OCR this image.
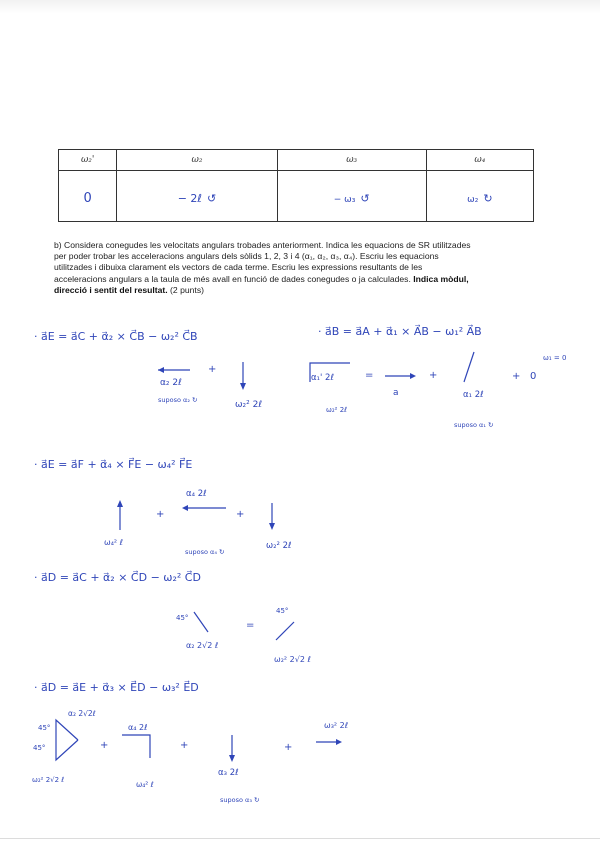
ω₂'	ω₂	ω₃	ω₄
0	− 2ℓ ↺	− ω₃ ↺	ω₂ ↻
b) Considera conegudes les velocitats angulars trobades anteriorment. Indica les equacions de SR utilitzades
per poder trobar les acceleracions angulars dels sòlids 1, 2, 3 i 4 (α₁, α₂, α₃, α₄). Escriu les equacions
utilitzades i dibuixa clarament els vectors de cada terme. Escriu les expressions resultants de les
acceleracions angulars a la taula de més avall en funció de dades conegudes o ja calculades. Indica mòdul,
direcció i sentit del resultat. (2 punts)
· a⃗E = a⃗C + α⃗₂ × C⃗B − ω₂² C⃗B	· a⃗B = a⃗A + α⃗₁ × A⃗B − ω₁² A⃗B
ω₁ = 0
α₂ 2ℓ
suposo α₂ ↻
+
ω₂² 2ℓ
α₁' 2ℓ
ω₂² 2ℓ
=
a
+
α₁ 2ℓ
suposo α₁ ↻
+ 0
· a⃗E = a⃗F + α⃗₄ × F⃗E − ω₄² F⃗E
ω₄² ℓ
+
α₄ 2ℓ
suposo α₄ ↻
+
ω₂² 2ℓ
· a⃗D = a⃗C + α⃗₂ × C⃗D − ω₂² C⃗D
45°
α₂ 2√2 ℓ
=
45°
ω₂² 2√2 ℓ
· a⃗D = a⃗E + α⃗₃ × E⃗D − ω₃² E⃗D
α₂ 2√2ℓ
45°
45°
ω₂² 2√2 ℓ
+
α₄ 2ℓ
ω₄² ℓ
+
α₃ 2ℓ
suposo α₃ ↻
+
ω₃² 2ℓ
